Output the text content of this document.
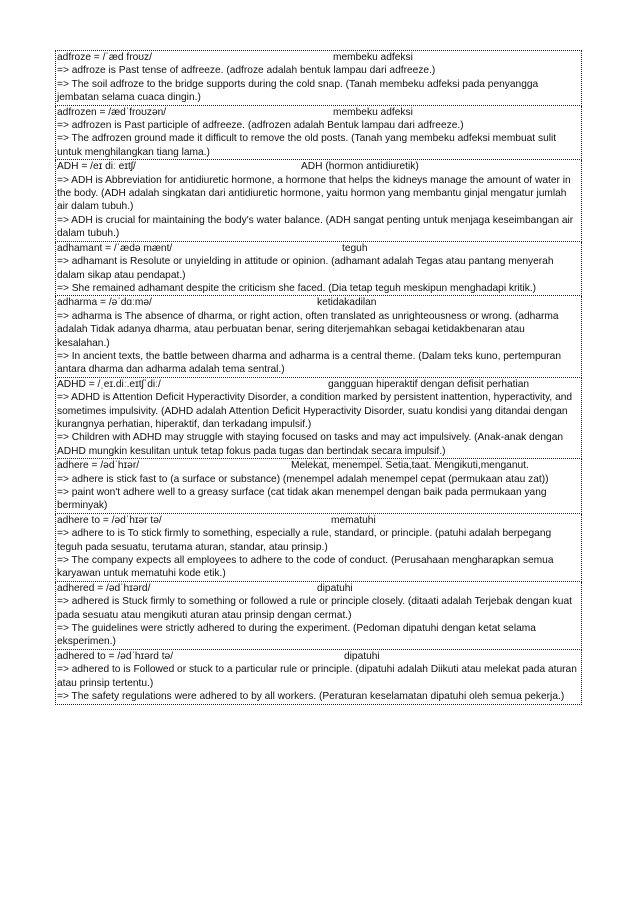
adfroze = /ˈæd froʊz/	membeku adfeksi
=> adfroze is Past tense of adfreeze. (adfroze adalah bentuk lampau dari adfreeze.)
=> The soil adfroze to the bridge supports during the cold snap. (Tanah membeku adfeksi pada penyangga jembatan selama cuaca dingin.)
adfrozen = /ædˈfroʊzən/	membeku adfeksi
=> adfrozen is Past participle of adfreeze. (adfrozen adalah Bentuk lampau dari adfreeze.)
=> The adfrozen ground made it difficult to remove the old posts. (Tanah yang membeku adfeksi membuat sulit untuk menghilangkan tiang lama.)
ADH = /eɪ diː eɪtʃ/	ADH (hormon antidiuretik)
=> ADH is Abbreviation for antidiuretic hormone, a hormone that helps the kidneys manage the amount of water in the body. (ADH adalah singkatan dari antidiuretic hormone, yaitu hormon yang membantu ginjal mengatur jumlah air dalam tubuh.)
=> ADH is crucial for maintaining the body's water balance. (ADH sangat penting untuk menjaga keseimbangan air dalam tubuh.)
adhamant = /ˈædə mænt/	teguh
=> adhamant is Resolute or unyielding in attitude or opinion. (adhamant adalah Tegas atau pantang menyerah dalam sikap atau pendapat.)
=> She remained adhamant despite the criticism she faced. (Dia tetap teguh meskipun menghadapi kritik.)
adharma = /əˈdɑːmə/	ketidakadilan
=> adharma is The absence of dharma, or right action, often translated as unrighteousness or wrong. (adharma adalah Tidak adanya dharma, atau perbuatan benar, sering diterjemahkan sebagai ketidakbenaran atau kesalahan.)
=> In ancient texts, the battle between dharma and adharma is a central theme. (Dalam teks kuno, pertempuran antara dharma dan adharma adalah tema sentral.)
ADHD = /ˌeɪ.diː.eɪtʃˈdiː/	gangguan hiperaktif dengan defisit perhatian
=> ADHD is Attention Deficit Hyperactivity Disorder, a condition marked by persistent inattention, hyperactivity, and sometimes impulsivity. (ADHD adalah Attention Deficit Hyperactivity Disorder, suatu kondisi yang ditandai dengan kurangnya perhatian, hiperaktif, dan terkadang impulsif.)
=> Children with ADHD may struggle with staying focused on tasks and may act impulsively. (Anak-anak dengan ADHD mungkin kesulitan untuk tetap fokus pada tugas dan bertindak secara impulsif.)
adhere = /ədˈhɪər/	Melekat, menempel. Setia,taat. Mengikuti,menganut.
=> adhere is stick fast to (a surface or substance) (menempel adalah menempel cepat (permukaan atau zat))
=> paint won't adhere well to a greasy surface (cat tidak akan menempel dengan baik pada permukaan yang berminyak)
adhere to = /ədˈhɪər tə/	mematuhi
=> adhere to is To stick firmly to something, especially a rule, standard, or principle. (patuhi adalah berpegang teguh pada sesuatu, terutama aturan, standar, atau prinsip.)
=> The company expects all employees to adhere to the code of conduct. (Perusahaan mengharapkan semua karyawan untuk mematuhi kode etik.)
adhered = /ədˈhɪərd/	dipatuhi
=> adhered is Stuck firmly to something or followed a rule or principle closely. (ditaati adalah Terjebak dengan kuat pada sesuatu atau mengikuti aturan atau prinsip dengan cermat.)
=> The guidelines were strictly adhered to during the experiment. (Pedoman dipatuhi dengan ketat selama eksperimen.)
adhered to = /ədˈhɪərd tə/	dipatuhi
=> adhered to is Followed or stuck to a particular rule or principle. (dipatuhi adalah Diikuti atau melekat pada aturan atau prinsip tertentu.)
=> The safety regulations were adhered to by all workers. (Peraturan keselamatan dipatuhi oleh semua pekerja.)
